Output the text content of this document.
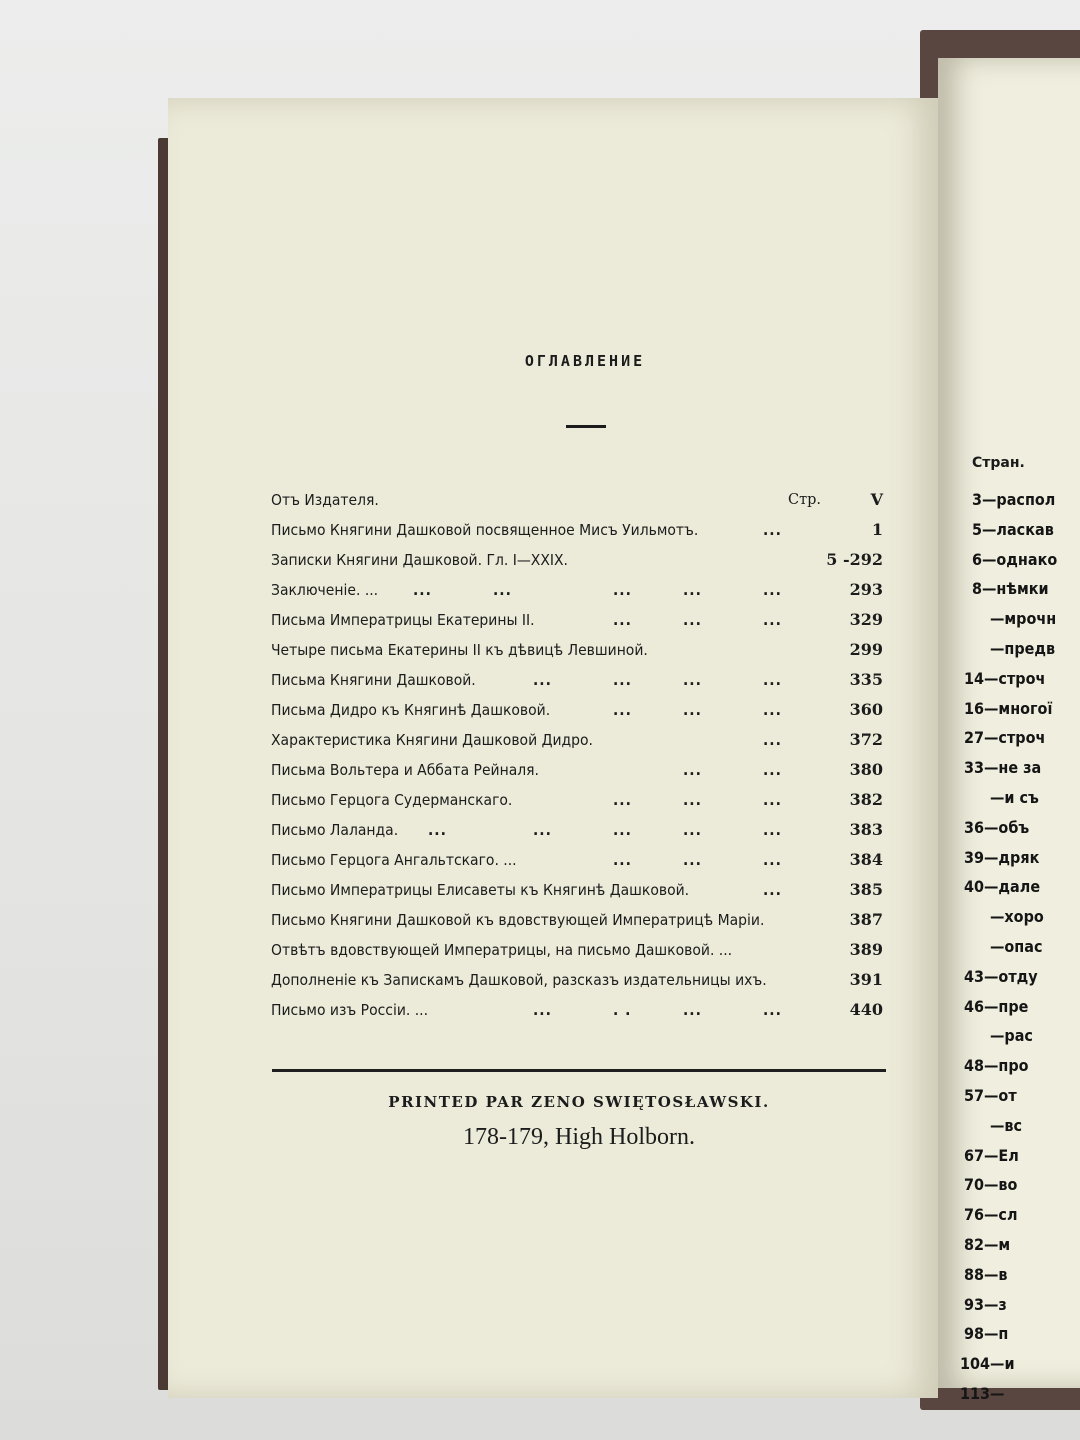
ОГЛАВЛЕНИЕ
Отъ Издателя.	Стр.	V
Письмо Княгини Дашковой посвященное Мисъ Уильмотъ.	...	1
Записки Княгини Дашковой. Гл. I—XXIX.	5 -292
Заключеніе. ... ...	...	...	...	...	293
Письма Императрицы Екатерины II.	...	...	...	329
Четыре письма Екатерины II къ дѣвицѣ Левшиной.	299
Письма Княгини Дашковой.	...	...	...	...	335
Письма Дидро къ Княгинѣ Дашковой.	...	...	...	360
Характеристика Княгини Дашковой Дидро.	...	372
Письма Вольтера и Аббата Рейналя.	...	...	380
Письмо Герцога Судерманскаго.	...	...	...	382
Письмо Лаланда. ...	...	...	...	...	383
Письмо Герцога Ангальтскаго. ...	...	...	...	384
Письмо Императрицы Елисаветы къ Княгинѣ Дашковой.	...	385
Письмо Княгини Дашковой къ вдовствующей Императрицѣ Маріи.	387
Отвѣтъ вдовствующей Императрицы, на письмо Дашковой. ...	389
Дополненіе къ Запискамъ Дашковой, разсказъ издательницы ихъ.	391
Письмо изъ Россіи. ...	...	. .	...	...	440
PRINTED PAR ZENO SWIĘTOSŁAWSKI.
178-179, High Holborn.
Стран.
3—распол
5—ласкав
6—однако
8—нѣмки
—мрочн
—предв
14—строч
16—многої
27—строч
33—не за
—и съ
36—объ
39—дряк
40—дале
—хоро
—опас
43—отду
46—пре
—рас
48—про
57—от
—вс
67—Ел
70—во
76—сл
82—м
88—в
93—з
98—п
104—и
113—
